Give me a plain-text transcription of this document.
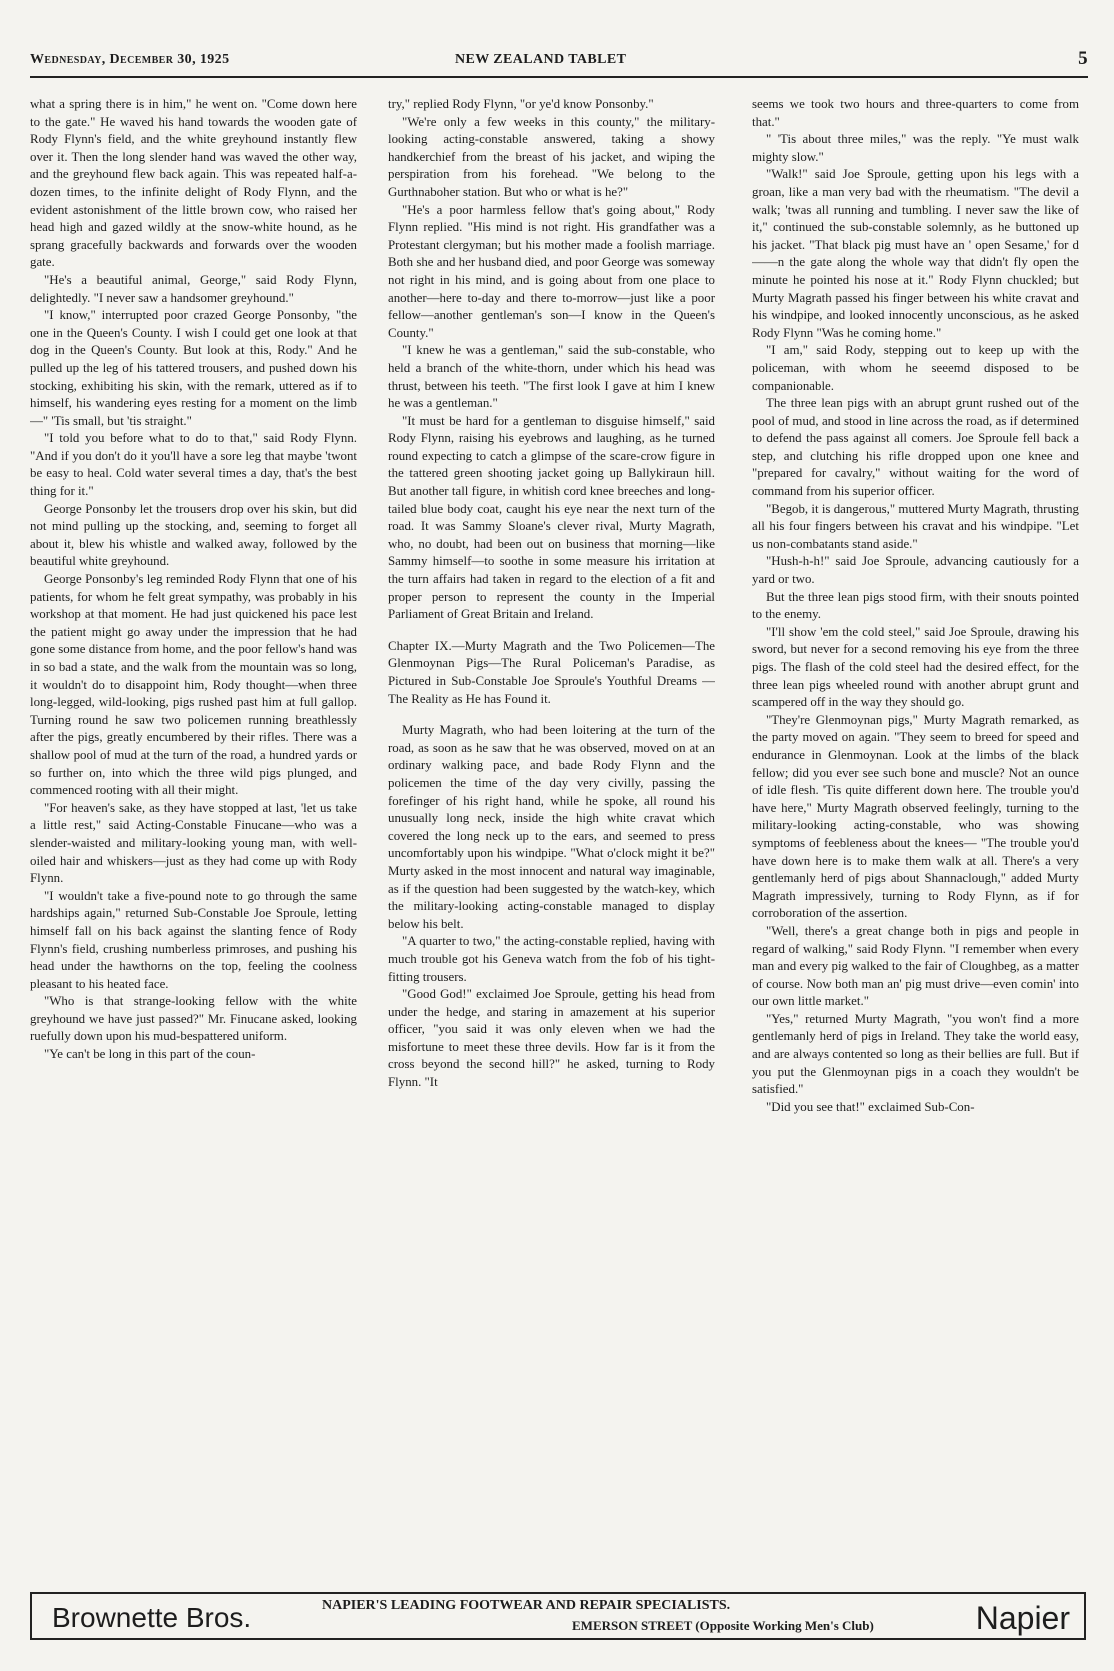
Wednesday, December 30, 1925	NEW ZEALAND TABLET	5

what a spring there is in him," he went on. "Come down here to the gate." He waved his hand towards the wooden gate of Rody Flynn's field, and the white greyhound instantly flew over it. Then the long slender hand was waved the other way, and the greyhound flew back again. This was repeated half-a-dozen times, to the infinite delight of Rody Flynn, and the evident astonishment of the little brown cow, who raised her head high and gazed wildly at the snow-white hound, as he sprang gracefully backwards and forwards over the wooden gate.

"He's a beautiful animal, George," said Rody Flynn, delightedly. "I never saw a handsomer greyhound."

"I know," interrupted poor crazed George Ponsonby, "the one in the Queen's County. I wish I could get one look at that dog in the Queen's County. But look at this, Rody." And he pulled up the leg of his tattered trousers, and pushed down his stocking, exhibiting his skin, with the remark, uttered as if to himself, his wandering eyes resting for a moment on the limb—" 'Tis small, but 'tis straight."

"I told you before what to do to that," said Rody Flynn. "And if you don't do it you'll have a sore leg that maybe 'twont be easy to heal. Cold water several times a day, that's the best thing for it."

George Ponsonby let the trousers drop over his skin, but did not mind pulling up the stocking, and, seeming to forget all about it, blew his whistle and walked away, followed by the beautiful white greyhound.

George Ponsonby's leg reminded Rody Flynn that one of his patients, for whom he felt great sympathy, was probably in his workshop at that moment. He had just quickened his pace lest the patient might go away under the impression that he had gone some distance from home, and the poor fellow's hand was in so bad a state, and the walk from the mountain was so long, it wouldn't do to disappoint him, Rody thought—when three long-legged, wild-looking, pigs rushed past him at full gallop. Turning round he saw two policemen running breathlessly after the pigs, greatly encumbered by their rifles. There was a shallow pool of mud at the turn of the road, a hundred yards or so further on, into which the three wild pigs plunged, and commenced rooting with all their might.

"For heaven's sake, as they have stopped at last, 'let us take a little rest," said Acting-Constable Finucane—who was a slender-waisted and military-looking young man, with well-oiled hair and whiskers—just as they had come up with Rody Flynn.

"I wouldn't take a five-pound note to go through the same hardships again," returned Sub-Constable Joe Sproule, letting himself fall on his back against the slanting fence of Rody Flynn's field, crushing numberless primroses, and pushing his head under the hawthorns on the top, feeling the coolness pleasant to his heated face.

"Who is that strange-looking fellow with the white greyhound we have just passed?" Mr. Finucane asked, looking ruefully down upon his mud-bespattered uniform.

"Ye can't be long in this part of the coun-

try," replied Rody Flynn, "or ye'd know Ponsonby."

"We're only a few weeks in this county," the military-looking acting-constable answered, taking a showy handkerchief from the breast of his jacket, and wiping the perspiration from his forehead. "We belong to the Gurthnaboher station. But who or what is he?"

"He's a poor harmless fellow that's going about," Rody Flynn replied. "His mind is not right. His grandfather was a Protestant clergyman; but his mother made a foolish marriage. Both she and her husband died, and poor George was someway not right in his mind, and is going about from one place to another—here to-day and there to-morrow—just like a poor fellow—another gentleman's son—I know in the Queen's County."

"I knew he was a gentleman," said the sub-constable, who held a branch of the white-thorn, under which his head was thrust, between his teeth. "The first look I gave at him I knew he was a gentleman."

"It must be hard for a gentleman to disguise himself," said Rody Flynn, raising his eyebrows and laughing, as he turned round expecting to catch a glimpse of the scare-crow figure in the tattered green shooting jacket going up Ballykiraun hill. But another tall figure, in whitish cord knee breeches and long-tailed blue body coat, caught his eye near the next turn of the road. It was Sammy Sloane's clever rival, Murty Magrath, who, no doubt, had been out on business that morning—like Sammy himself—to soothe in some measure his irritation at the turn affairs had taken in regard to the election of a fit and proper person to represent the county in the Imperial Parliament of Great Britain and Ireland.

Chapter IX.—Murty Magrath and the Two Policemen—The Glenmoynan Pigs—The Rural Policeman's Paradise, as Pictured in Sub-Constable Joe Sproule's Youthful Dreams —The Reality as He has Found it.

Murty Magrath, who had been loitering at the turn of the road, as soon as he saw that he was observed, moved on at an ordinary walking pace, and bade Rody Flynn and the policemen the time of the day very civilly, passing the forefinger of his right hand, while he spoke, all round his unusually long neck, inside the high white cravat which covered the long neck up to the ears, and seemed to press uncomfortably upon his windpipe. "What o'clock might it be?" Murty asked in the most innocent and natural way imaginable, as if the question had been suggested by the watch-key, which the military-looking acting-constable managed to display below his belt.

"A quarter to two," the acting-constable replied, having with much trouble got his Geneva watch from the fob of his tight-fitting trousers.

"Good God!" exclaimed Joe Sproule, getting his head from under the hedge, and staring in amazement at his superior officer, "you said it was only eleven when we had the misfortune to meet these three devils. How far is it from the cross beyond the second hill?" he asked, turning to Rody Flynn. "It

seems we took two hours and three-quarters to come from that."

" 'Tis about three miles," was the reply. "Ye must walk mighty slow."

"Walk!" said Joe Sproule, getting upon his legs with a groan, like a man very bad with the rheumatism. "The devil a walk; 'twas all running and tumbling. I never saw the like of it," continued the sub-constable solemnly, as he buttoned up his jacket. "That black pig must have an ' open Sesame,' for d——n the gate along the whole way that didn't fly open the minute he pointed his nose at it." Rody Flynn chuckled; but Murty Magrath passed his finger between his white cravat and his windpipe, and looked innocently unconscious, as he asked Rody Flynn "Was he coming home."

"I am," said Rody, stepping out to keep up with the policeman, with whom he seeemd disposed to be companionable.

The three lean pigs with an abrupt grunt rushed out of the pool of mud, and stood in line across the road, as if determined to defend the pass against all comers. Joe Sproule fell back a step, and clutching his rifle dropped upon one knee and "prepared for cavalry," without waiting for the word of command from his superior officer.

"Begob, it is dangerous," muttered Murty Magrath, thrusting all his four fingers between his cravat and his windpipe. "Let us non-combatants stand aside."

"Hush-h-h!" said Joe Sproule, advancing cautiously for a yard or two.

But the three lean pigs stood firm, with their snouts pointed to the enemy.

"I'll show 'em the cold steel," said Joe Sproule, drawing his sword, but never for a second removing his eye from the three pigs. The flash of the cold steel had the desired effect, for the three lean pigs wheeled round with another abrupt grunt and scampered off in the way they should go.

"They're Glenmoynan pigs," Murty Magrath remarked, as the party moved on again. "They seem to breed for speed and endurance in Glenmoynan. Look at the limbs of the black fellow; did you ever see such bone and muscle? Not an ounce of idle flesh. 'Tis quite different down here. The trouble you'd have here," Murty Magrath observed feelingly, turning to the military-looking acting-constable, who was showing symptoms of feebleness about the knees— "The trouble you'd have down here is to make them walk at all. There's a very gentlemanly herd of pigs about Shannaclough," added Murty Magrath impressively, turning to Rody Flynn, as if for corroboration of the assertion.

"Well, there's a great change both in pigs and people in regard of walking," said Rody Flynn. "I remember when every man and every pig walked to the fair of Cloughbeg, as a matter of course. Now both man an' pig must drive—even comin' into our own little market."

"Yes," returned Murty Magrath, "you won't find a more gentlemanly herd of pigs in Ireland. They take the world easy, and are always contented so long as their bellies are full. But if you put the Glenmoynan pigs in a coach they wouldn't be satisfied."

"Did you see that!" exclaimed Sub-Con-

Brownette Bros.	NAPIER'S LEADING FOOTWEAR AND REPAIR SPECIALISTS.
EMERSON STREET (Opposite Working Men's Club)	Napier
